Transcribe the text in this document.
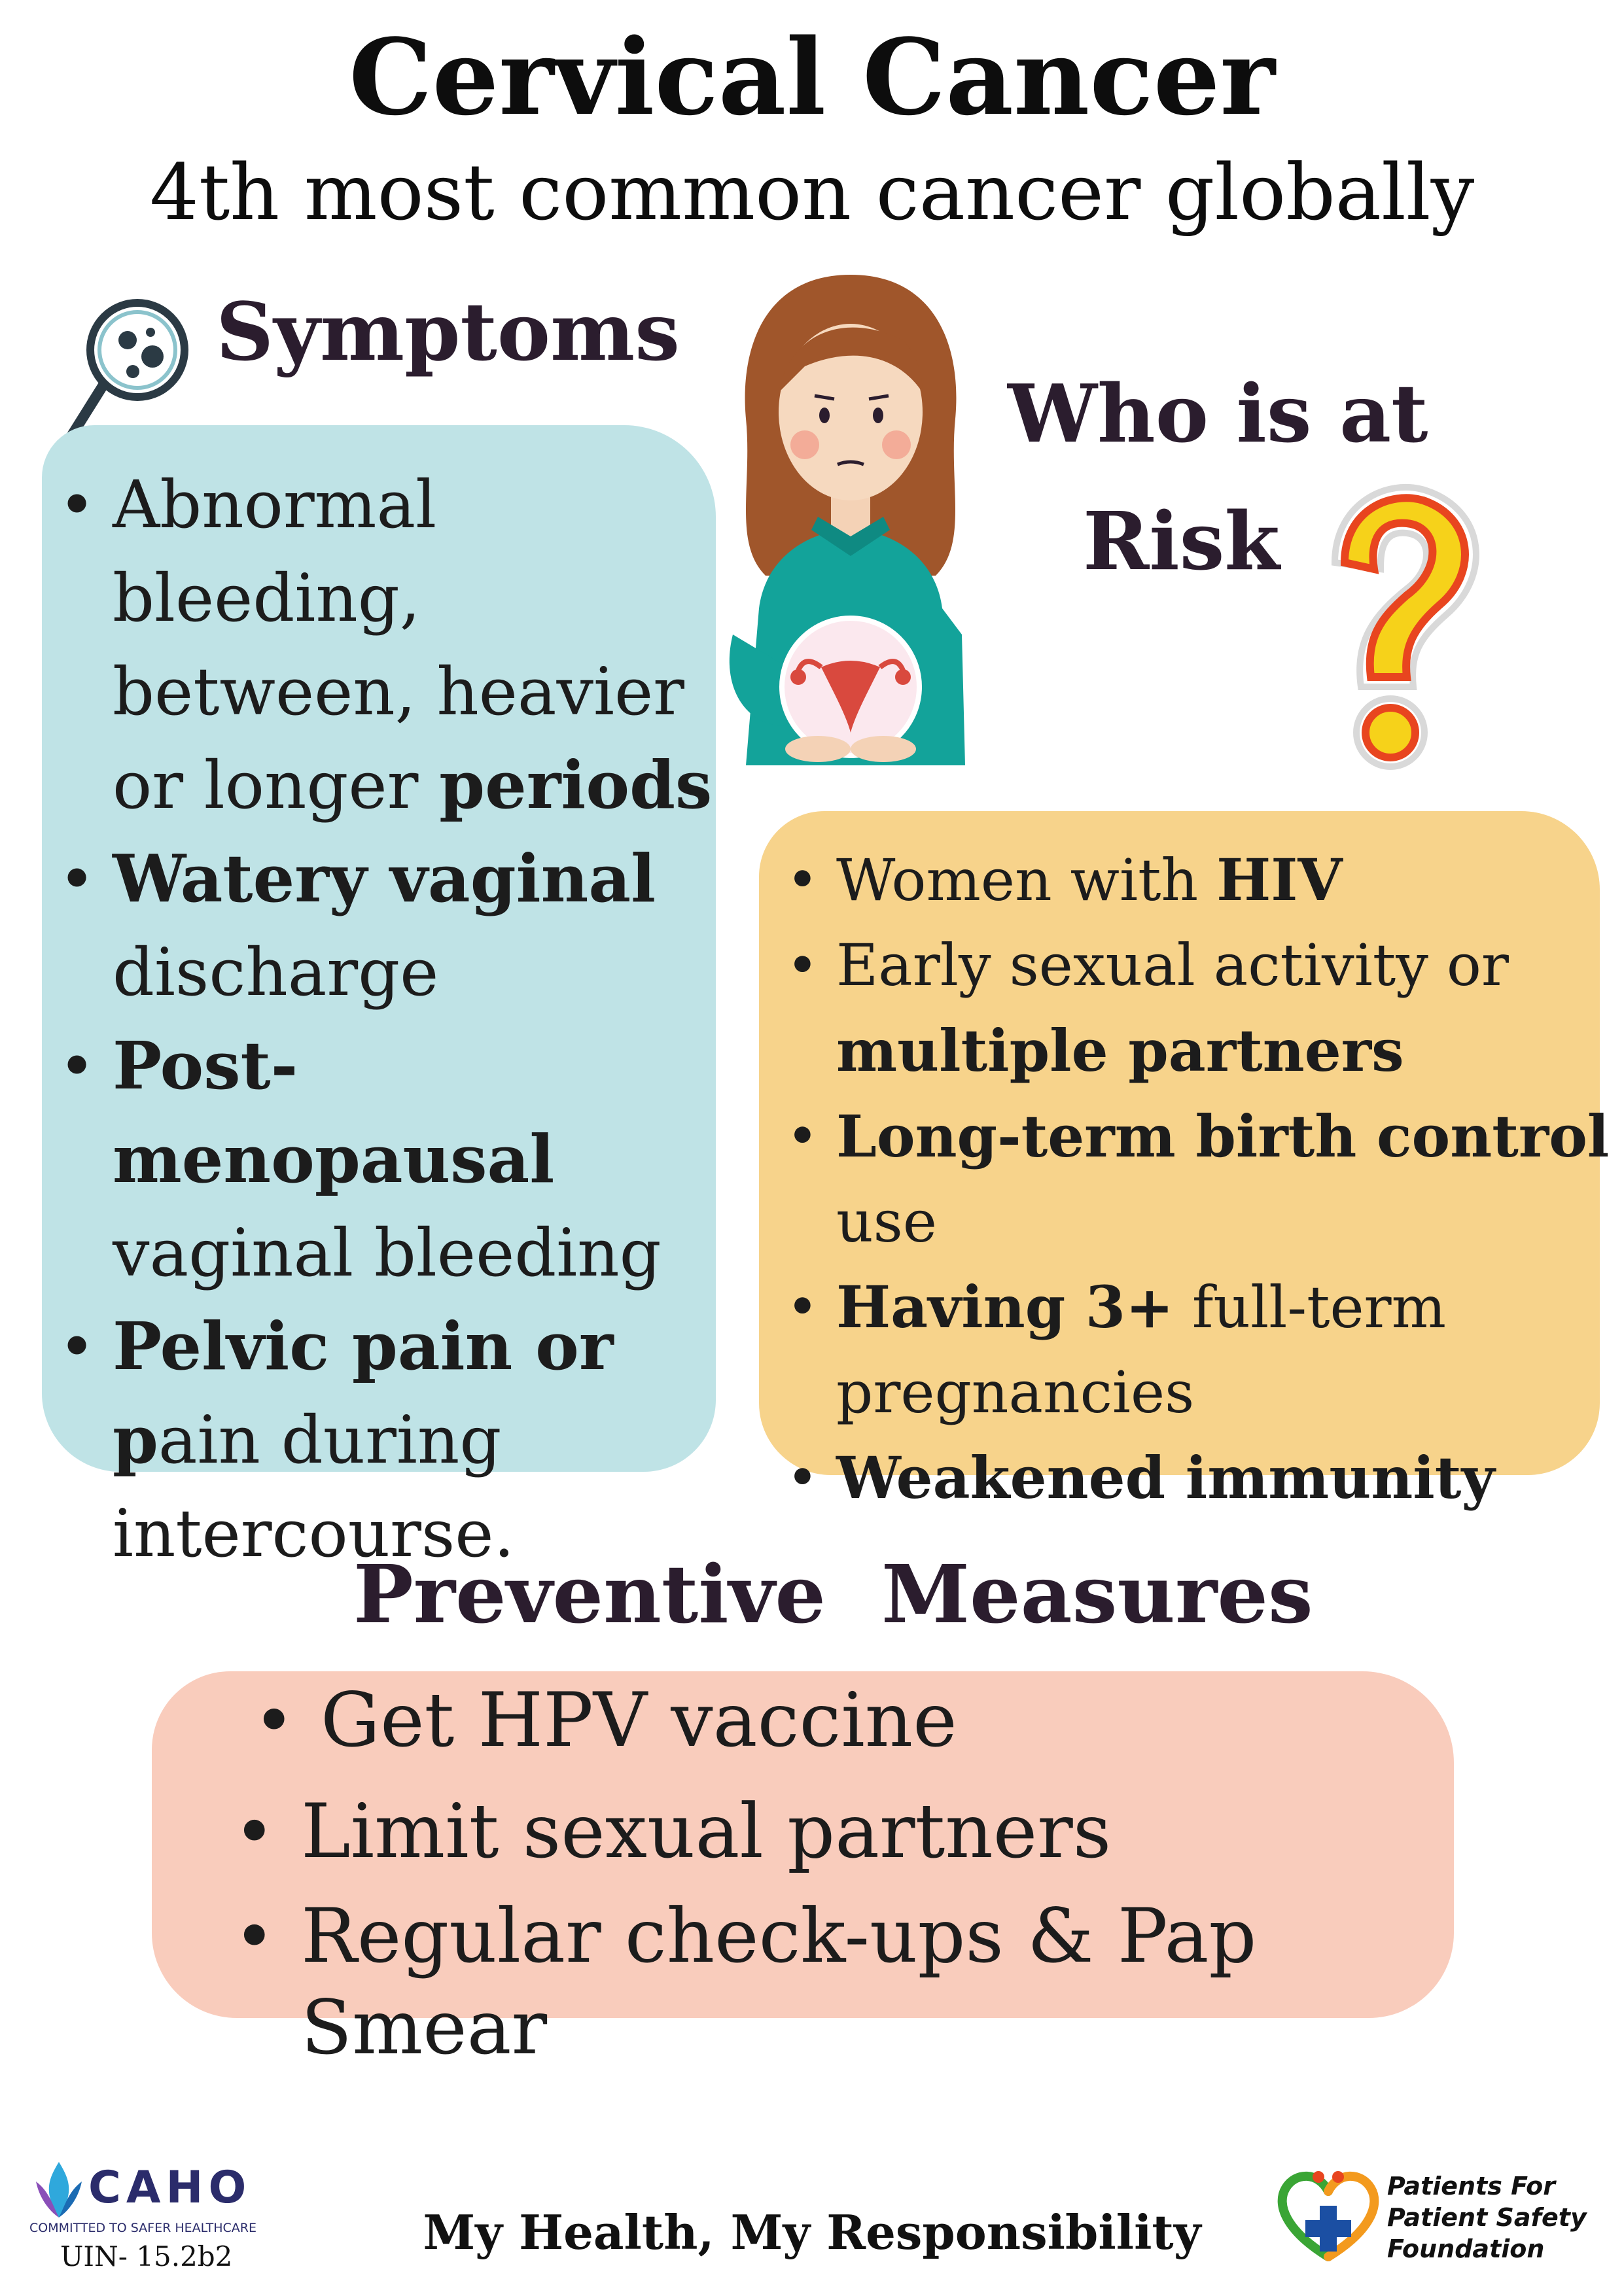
Cervical Cancer
4th most common cancer globally
Symptoms
• Abnormal bleeding, between, heavier or longer periods
• Watery vaginal discharge
• Post-menopausal vaginal bleeding
• Pelvic pain or pain during intercourse.
Who is at
Risk
• Women with HIV
• Early sexual activity or multiple partners
• Long-term birth control use
• Having 3+ full-term pregnancies
• Weakened immunity
Preventive  Measures
• Get HPV vaccine
• Limit sexual partners
• Regular check-ups & Pap Smear
CAHO
COMMITTED TO SAFER HEALTHCARE
UIN- 15.2b2	My Health, My Responsibility
Patients For
Patient Safety
Foundation
